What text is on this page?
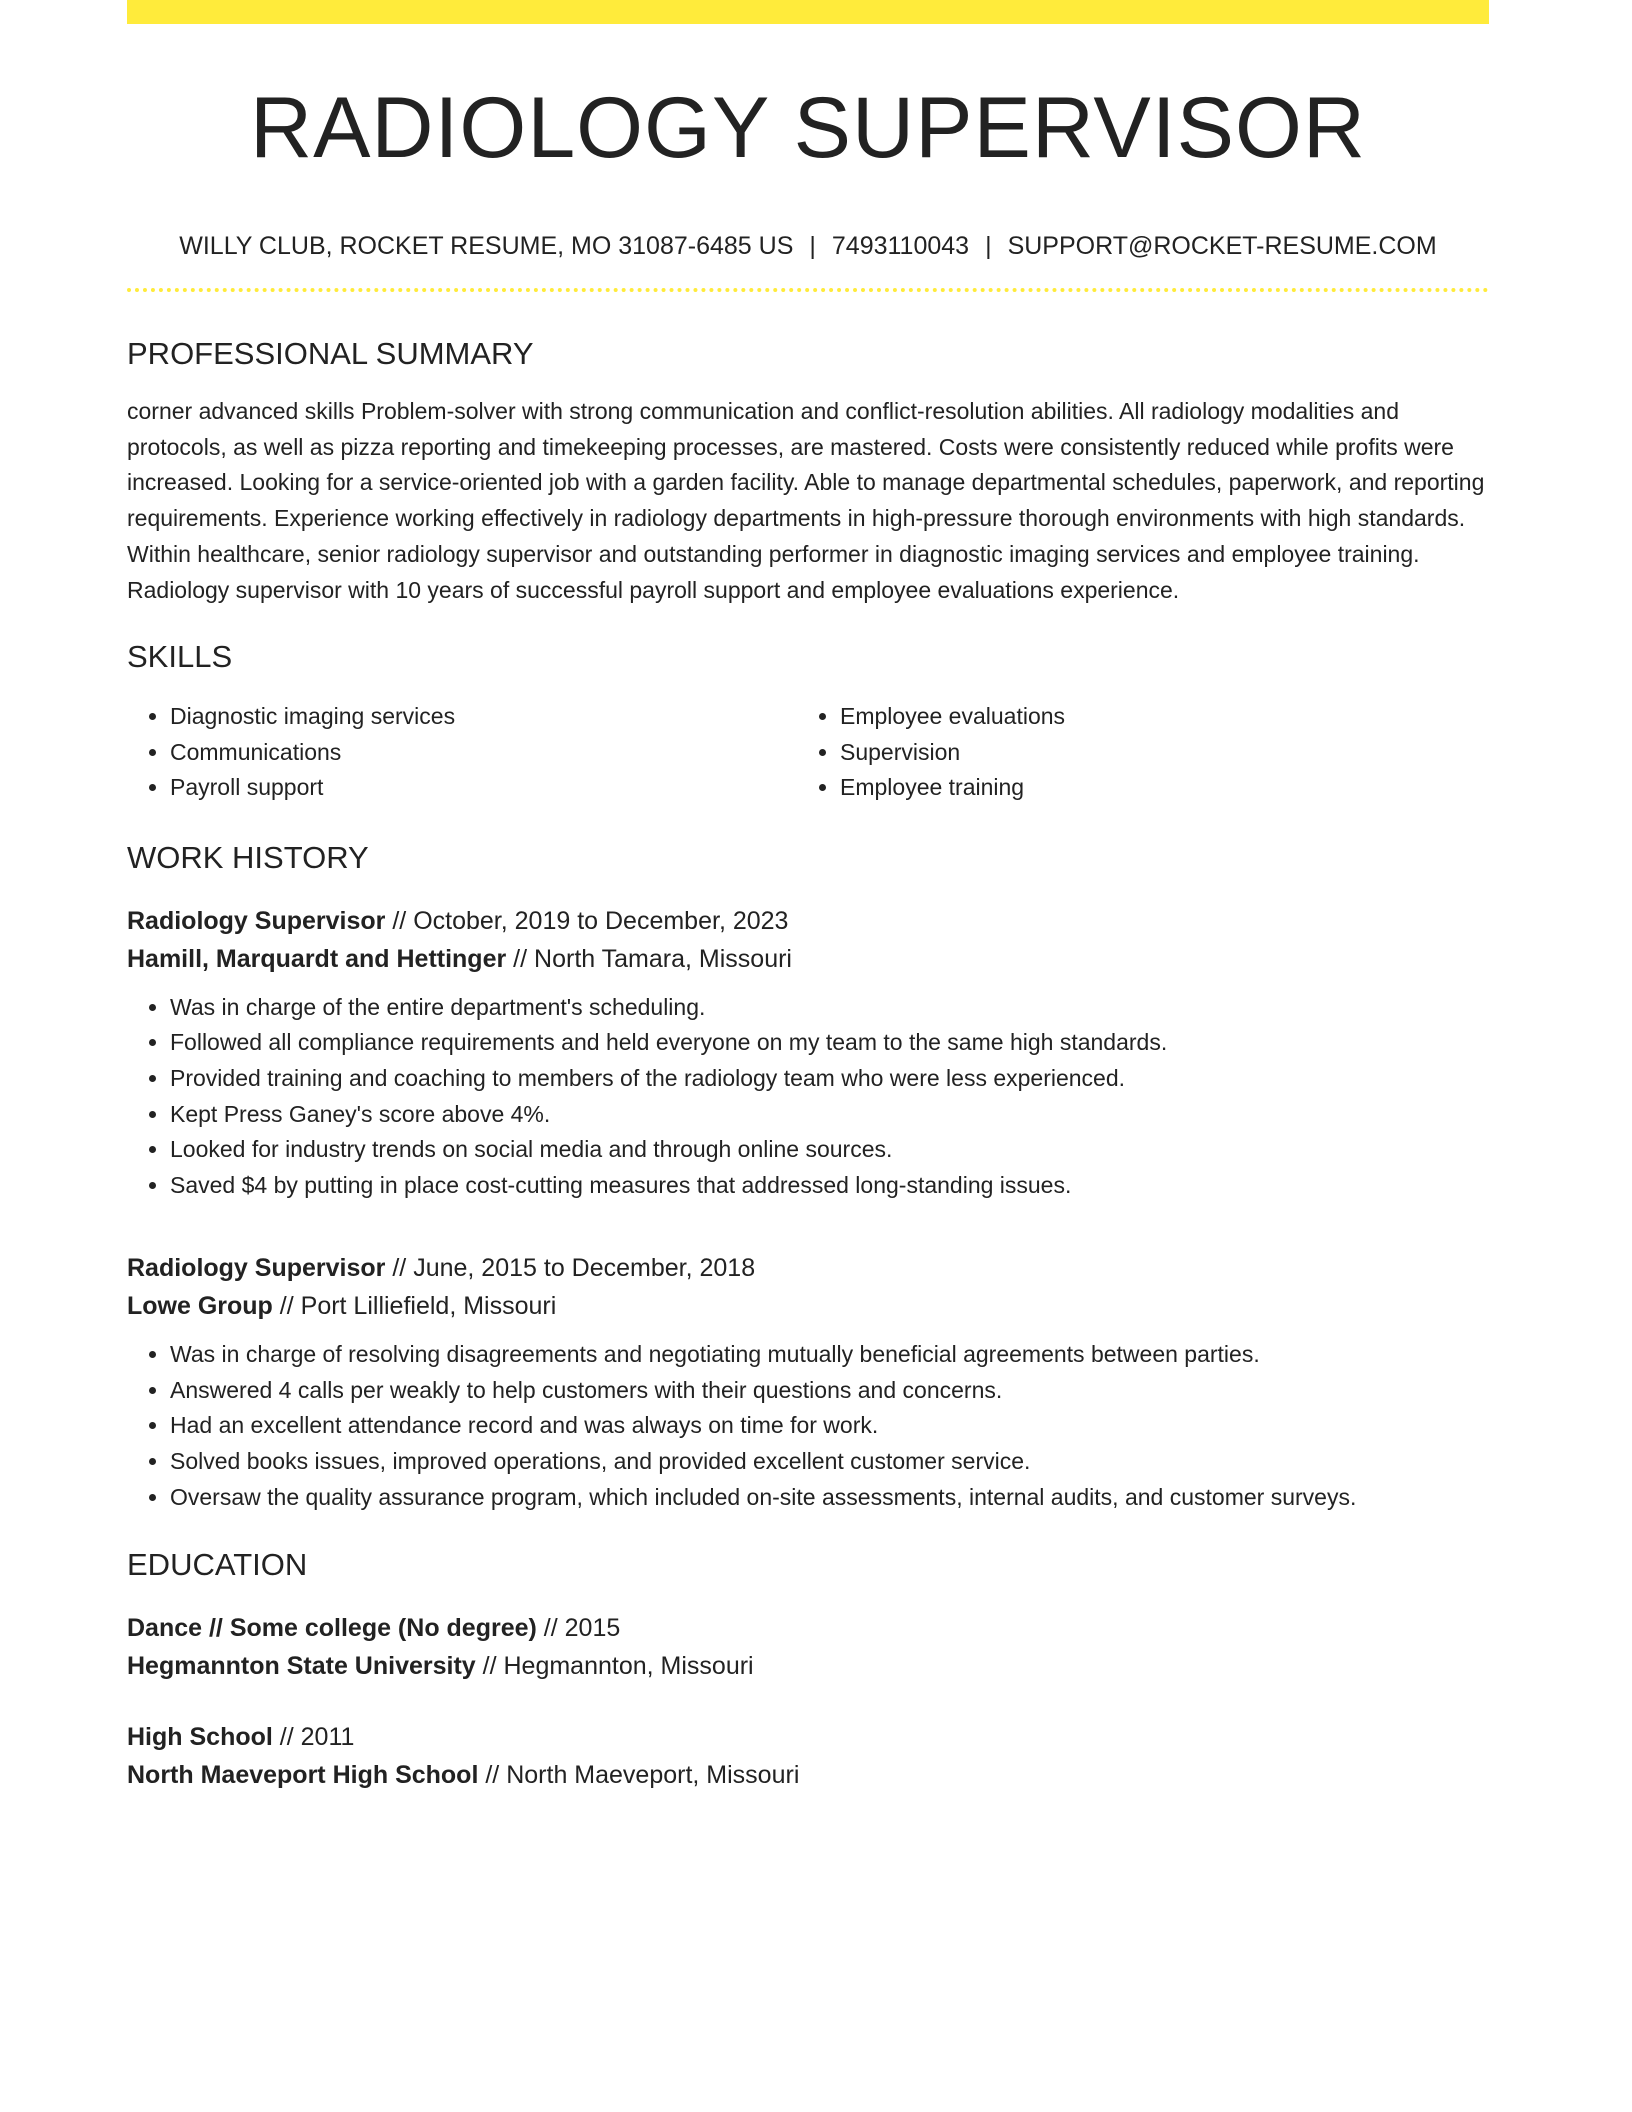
RADIOLOGY SUPERVISOR
WILLY CLUB, ROCKET RESUME, MO 31087-6485 US | 7493110043 | SUPPORT@ROCKET-RESUME.COM
PROFESSIONAL SUMMARY

corner advanced skills Problem-solver with strong communication and conflict-resolution abilities. All radiology modalities and protocols, as well as pizza reporting and timekeeping processes, are mastered. Costs were consistently reduced while profits were increased. Looking for a service-oriented job with a garden facility. Able to manage departmental schedules, paperwork, and reporting requirements. Experience working effectively in radiology departments in high-pressure thorough environments with high standards. Within healthcare, senior radiology supervisor and outstanding performer in diagnostic imaging services and employee training. Radiology supervisor with 10 years of successful payroll support and employee evaluations experience.

SKILLS
• Diagnostic imaging services
• Communications
• Payroll support
• Employee evaluations
• Supervision
• Employee training
WORK HISTORY
Radiology Supervisor // October, 2019 to December, 2023
Hamill, Marquardt and Hettinger // North Tamara, Missouri
• Was in charge of the entire department's scheduling.
• Followed all compliance requirements and held everyone on my team to the same high standards.
• Provided training and coaching to members of the radiology team who were less experienced.
• Kept Press Ganey's score above 4%.
• Looked for industry trends on social media and through online sources.
• Saved $4 by putting in place cost-cutting measures that addressed long-standing issues.
Radiology Supervisor // June, 2015 to December, 2018
Lowe Group // Port Lilliefield, Missouri
• Was in charge of resolving disagreements and negotiating mutually beneficial agreements between parties.
• Answered 4 calls per weakly to help customers with their questions and concerns.
• Had an excellent attendance record and was always on time for work.
• Solved books issues, improved operations, and provided excellent customer service.
• Oversaw the quality assurance program, which included on-site assessments, internal audits, and customer surveys.
EDUCATION
Dance // Some college (No degree) // 2015
Hegmannton State University // Hegmannton, Missouri
High School // 2011
North Maeveport High School // North Maeveport, Missouri
